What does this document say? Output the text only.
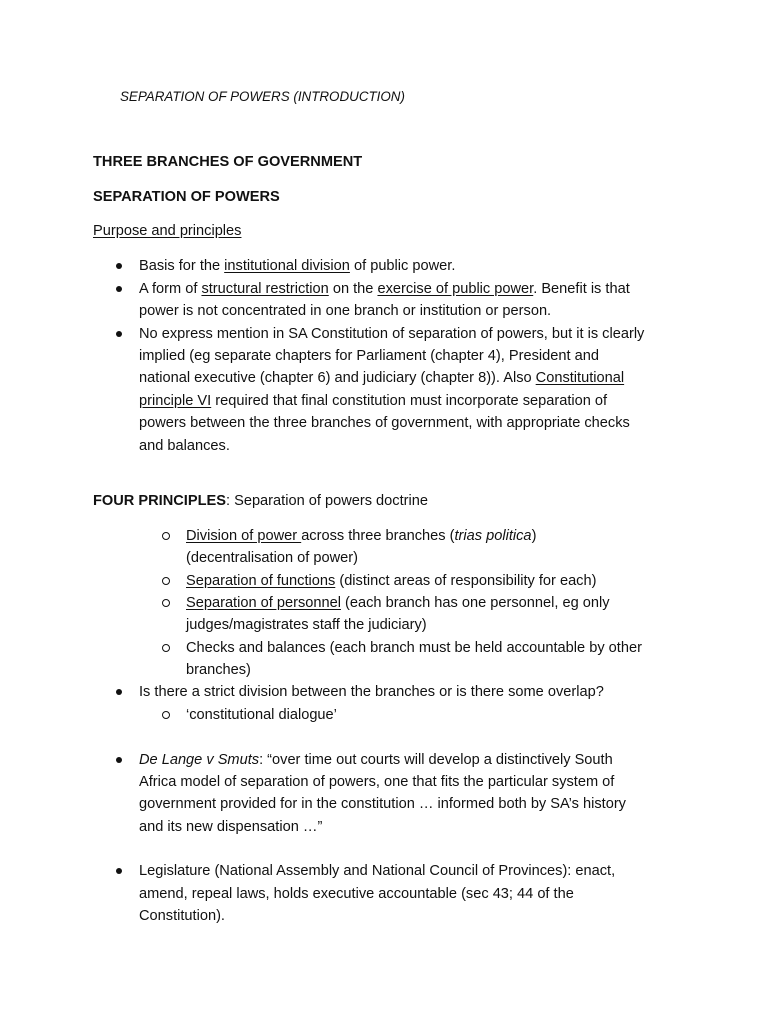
SEPARATION OF POWERS (INTRODUCTION)
THREE BRANCHES OF GOVERNMENT
SEPARATION OF POWERS
Purpose and principles
Basis for the institutional division of public power.
A form of structural restriction on the exercise of public power. Benefit is that
power is not concentrated in one branch or institution or person.
No express mention in SA Constitution of separation of powers, but it is clearly
implied (eg separate chapters for Parliament (chapter 4), President and
national executive (chapter 6) and judiciary (chapter 8)). Also Constitutional
principle VI required that final constitution must incorporate separation of
powers between the three branches of government, with appropriate checks
and balances.
FOUR PRINCIPLES: Separation of powers doctrine
Division of power across three branches (trias politica)
(decentralisation of power)
Separation of functions (distinct areas of responsibility for each)
Separation of personnel (each branch has one personnel, eg only
judges/magistrates staff the judiciary)
Checks and balances (each branch must be held accountable by other
branches)
Is there a strict division between the branches or is there some overlap?
‘constitutional dialogue’
De Lange v Smuts: “over time out courts will develop a distinctively South
Africa model of separation of powers, one that fits the particular system of
government provided for in the constitution … informed both by SA’s history
and its new dispensation …”
Legislature (National Assembly and National Council of Provinces): enact,
amend, repeal laws, holds executive accountable (sec 43; 44 of the
Constitution).
